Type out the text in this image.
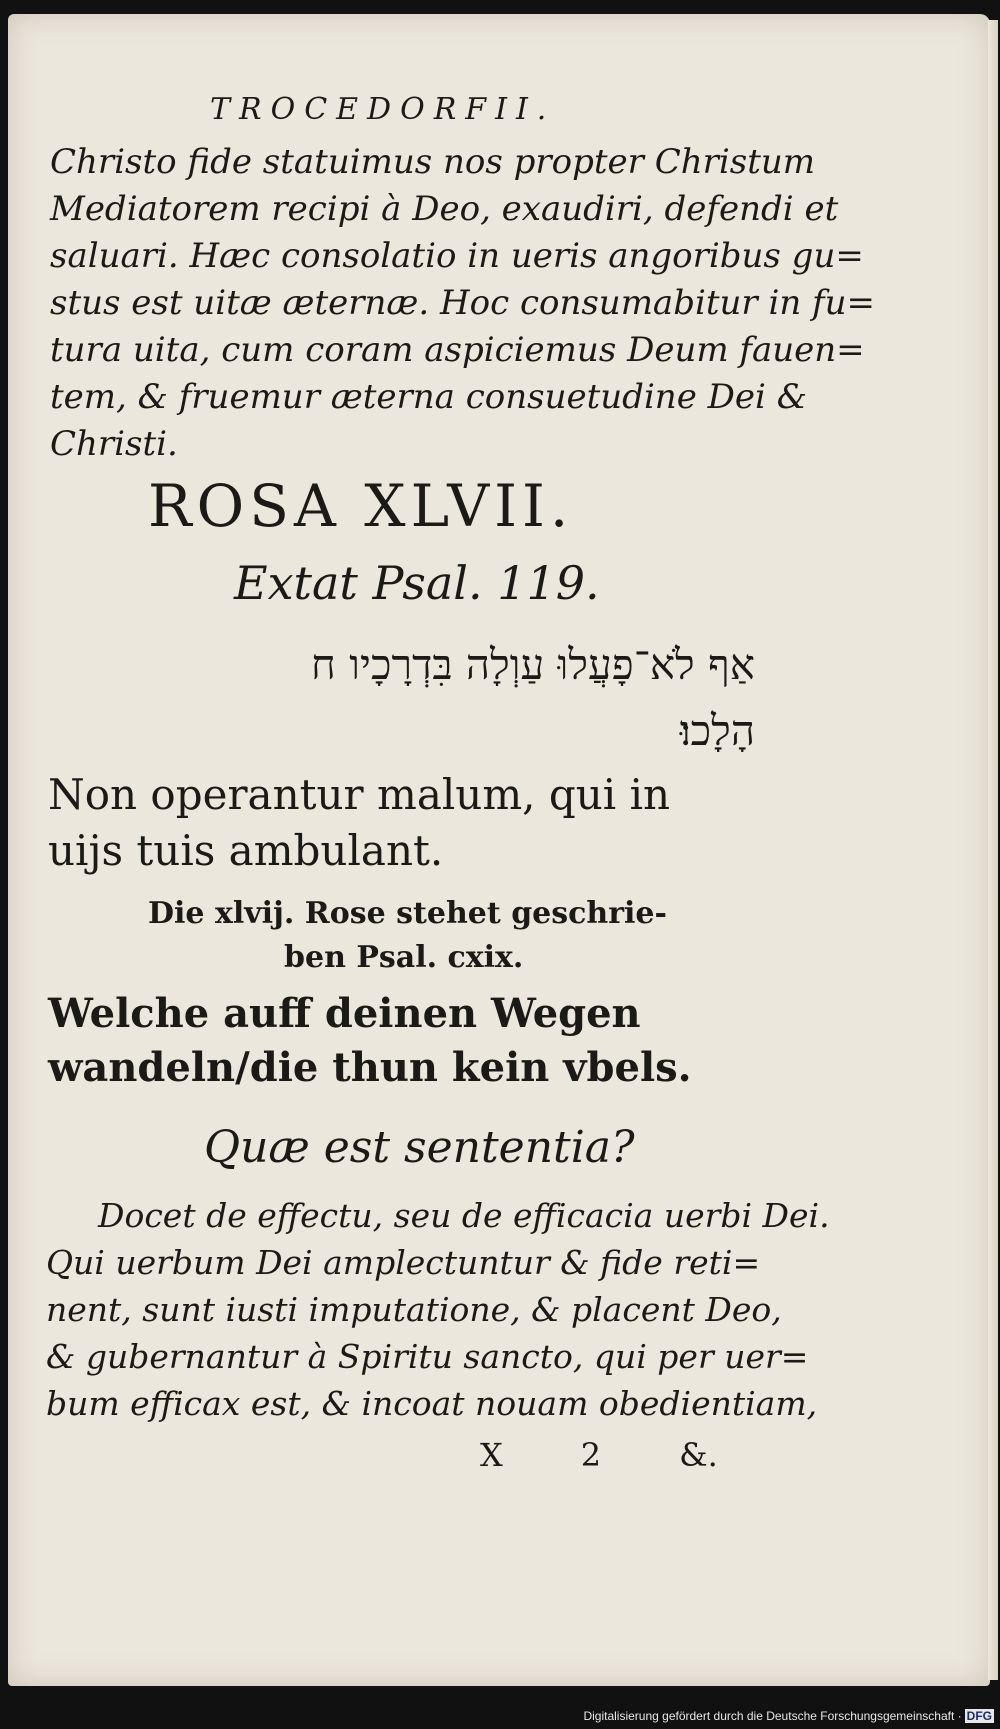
TROCEDORFII.
Christo fide statuimus nos propter Christum
Mediatorem recipi à Deo, exaudiri, defendi et
saluari. Hæc consolatio in ueris angoribus gu=
stus est uitæ æternæ. Hoc consumabitur in fu=
tura uita, cum coram aspiciemus Deum fauen=
tem, & fruemur æterna consuetudine Dei &
Christi.
ROSA XLVII.
Extat Psal. 119.
אַף לֹא־פָעֲלוּ עַוְלָה בִּדְרָכָיו ח
הָלָכוּ׃
Non operantur malum, qui in
uijs tuis ambulant.
Die xlvij. Rose stehet geschrie-
ben Psal. cxix.
Welche auff deinen Wegen
wandeln/die thun kein vbels.
Quæ est sententia?
Docet de effectu, seu de efficacia uerbi Dei.
Qui uerbum Dei amplectuntur & fide reti=
nent, sunt iusti imputatione, & placent Deo,
& gubernantur à Spiritu sancto, qui per uer=
bum efficax est, & incoat nouam obedientiam,
X 2 &.
Digitalisierung gefördert durch die Deutsche Forschungsgemeinschaft · DFG
